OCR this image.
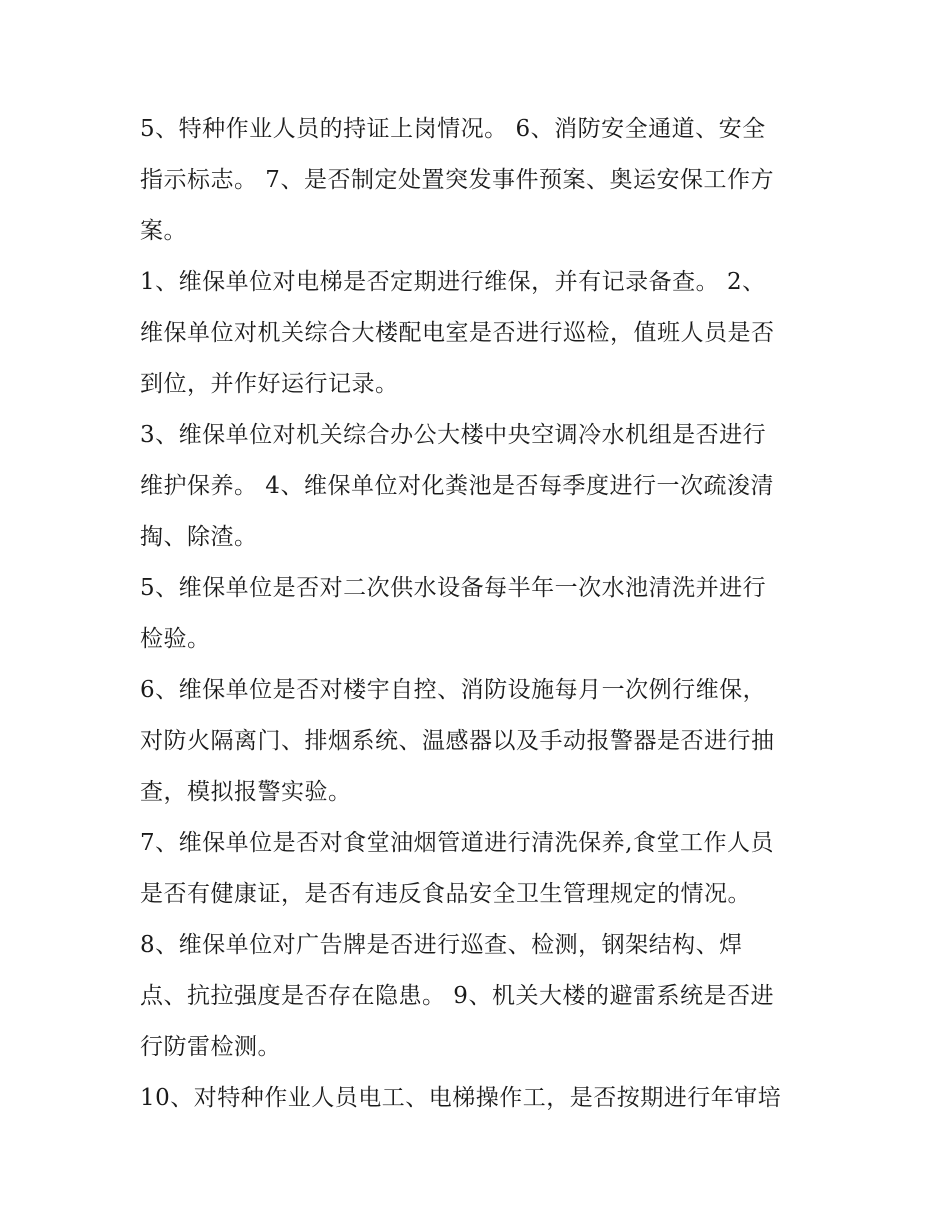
5、特种作业人员的持证上岗情况。 6、消防安全通道、安全
指示标志。 7、是否制定处置突发事件预案、奥运安保工作方
案。
1、维保单位对电梯是否定期进行维保，并有记录备查。 2、
维保单位对机关综合大楼配电室是否进行巡检，值班人员是否
到位，并作好运行记录。
3、维保单位对机关综合办公大楼中央空调冷水机组是否进行
维护保养。 4、维保单位对化粪池是否每季度进行一次疏浚清
掏、除渣。
5、维保单位是否对二次供水设备每半年一次水池清洗并进行
检验。
6、维保单位是否对楼宇自控、消防设施每月一次例行维保，
对防火隔离门、排烟系统、温感器以及手动报警器是否进行抽
查，模拟报警实验。
7、维保单位是否对食堂油烟管道进行清洗保养,食堂工作人员
是否有健康证，是否有违反食品安全卫生管理规定的情况。
8、维保单位对广告牌是否进行巡查、检测，钢架结构、焊
点、抗拉强度是否存在隐患。 9、机关大楼的避雷系统是否进
行防雷检测。
10、对特种作业人员电工、电梯操作工，是否按期进行年审培
